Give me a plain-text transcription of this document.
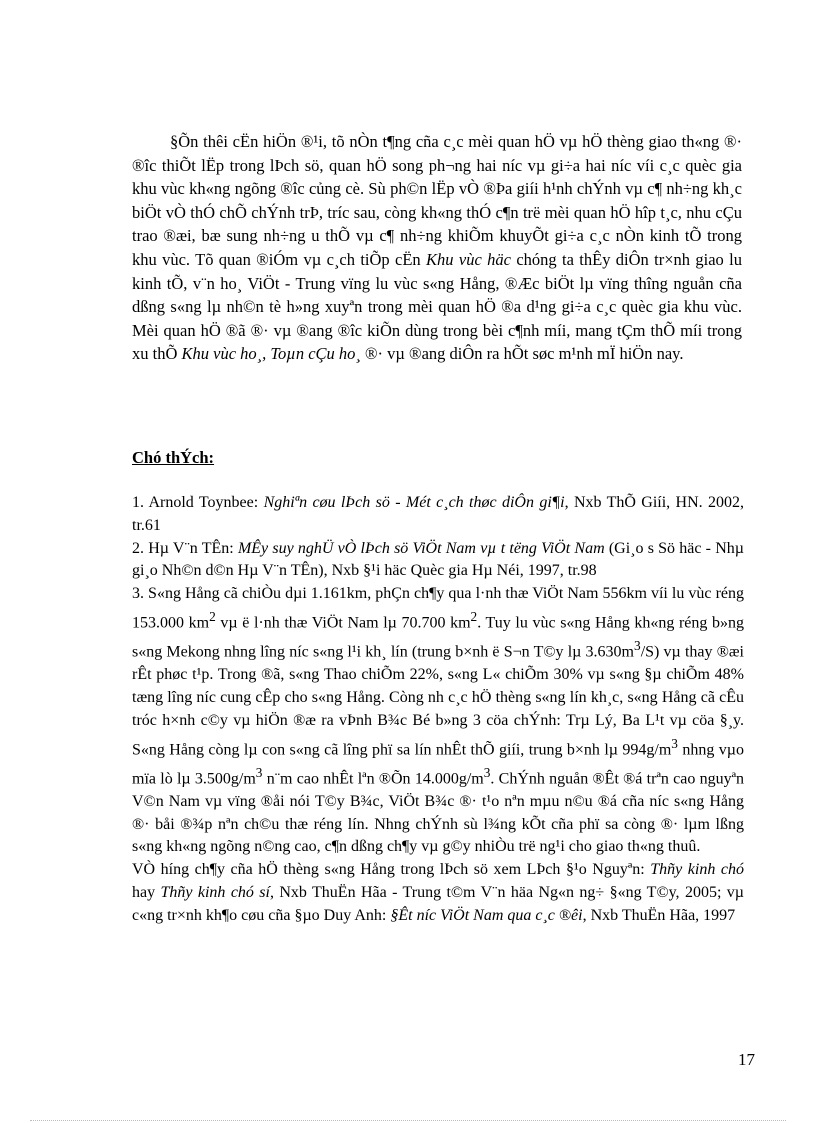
§Õn thêi cËn hiÖn ®¹i, tõ nÒn t¶ng cña c¸c mèi quan hÖ vµ hÖ thèng giao th«ng ®· ®îc thiÕt lËp trong lÞch sö, quan hÖ song ph¬ng hai níc vµ gi÷a hai níc víi c¸c quèc gia khu vùc kh«ng ngõng ®îc củng cè. Sù ph©n lËp vÒ ®Þa giíi h¹nh chÝnh vµ c¶ nh÷ng kh¸c biÖt vÒ thÓ chÕ chÝnh trÞ, tríc sau, còng kh«ng thÓ c¶n trë mèi quan hÖ hîp t¸c, nhu cÇu trao ®æi, bæ sung nh÷ng u thÕ vµ c¶ nh÷ng khiÕm khuyÕt gi÷a c¸c nÒn kinh tÕ trong khu vùc. Tõ quan ®iÓm vµ c¸ch tiÕp cËn Khu vùc häc chóng ta thÊy diÔn tr×nh giao lu kinh tÕ, v¨n ho¸ ViÖt - Trung vïng lu vùc s«ng Hång, ®Æc biÖt lµ vïng thîng nguån cña dßng s«ng lµ nh©n tè h»ng xuyªn trong mèi quan hÖ ®a d¹ng gi÷a c¸c quèc gia khu vùc. Mèi quan hÖ ®ã ®· vµ ®ang ®îc kiÕn dùng trong bèi c¶nh míi, mang tÇm thÕ míi trong xu thÕ Khu vùc ho¸, Toµn cÇu ho¸ ®· vµ ®ang diÔn ra hÕt søc m¹nh mÏ hiÖn nay.

Chó thÝch:

1. Arnold Toynbee: Nghiªn cøu lÞch sö - Mét c¸ch thøc diÔn gi¶i, Nxb ThÕ Giíi, HN. 2002, tr.61

2. Hµ V¨n TÊn: MÊy suy nghÜ vÒ lÞch sö ViÖt Nam vµ t tëng ViÖt Nam (Gi¸o s Sö häc - Nhµ gi¸o Nh©n d©n Hµ V¨n TÊn), Nxb §¹i häc Quèc gia Hµ Néi, 1997, tr.98

3. S«ng Hång cã chiÒu dµi 1.161km, phÇn ch¶y qua l·nh thæ ViÖt Nam 556km víi lu vùc réng 153.000 $km^2$ vµ ë l·nh thæ ViÖt Nam lµ 70.700 $km^2$. Tuy lu vùc s«ng Hång kh«ng réng b»ng s«ng Mekong nhng lîng níc s«ng l¹i kh¸ lín (trung b×nh ë S¬n T©y lµ $3.630m^3/S$) vµ thay ®æi rÊt phøc t¹p. Trong ®ã, s«ng Thao chiÕm 22%, s«ng L« chiÕm 30% vµ s«ng §µ chiÕm 48% tæng lîng níc cung cÊp cho s«ng Hång. Còng nh c¸c hÖ thèng s«ng lín kh¸c, s«ng Hång cã cÊu tróc h×nh c©y vµ hiÖn ®æ ra vÞnh B¾c Bé b»ng 3 cöa chÝnh: Trµ Lý, Ba L¹t vµ cöa §¸y. S«ng Hång còng lµ con s«ng cã lîng phï sa lín nhÊt thÕ giíi, trung b×nh lµ $994g/m^3$ nhng vµo mïa lò lµ $3.500g/m^3$ n¨m cao nhÊt lªn ®Õn $14.000g/m^3$. ChÝnh nguån ®Êt ®á trªn cao nguyªn V©n Nam vµ vïng ®åi nói T©y B¾c, ViÖt B¾c ®· t¹o nªn mµu n©u ®á cña níc s«ng Hång ®· båi ®¾p nªn ch©u thæ réng lín. Nhng chÝnh sù l¾ng kÕt cña phï sa còng ®· lµm lßng s«ng kh«ng ngõng n©ng cao, c¶n dßng ch¶y vµ g©y nhiÒu trë ng¹i cho giao th«ng thuû.

VÒ híng ch¶y cña hÖ thèng s«ng Hång trong lÞch sö xem LÞch §¹o Nguyªn: Thñy kinh chó hay Thñy kinh chó sí, Nxb ThuËn Hãa - Trung t©m V¨n häa Ng«n ng÷ §«ng T©y, 2005; vµ c«ng tr×nh kh¶o cøu cña §µo Duy Anh: §Êt níc ViÖt Nam qua c¸c ®êi, Nxb ThuËn Hãa, 1997

17
